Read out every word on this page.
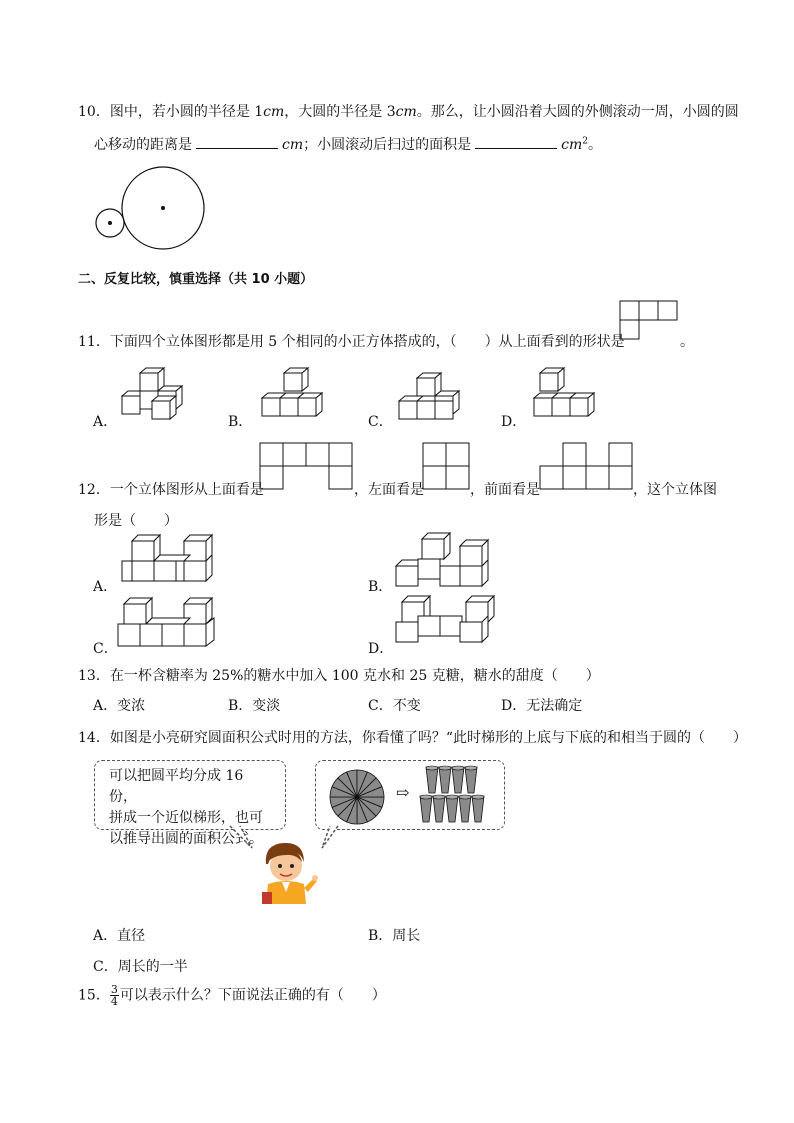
10．图中，若小圆的半径是 1cm，大圆的半径是 3cm。那么，让小圆沿着大圆的外侧滚动一周，小圆的圆
心移动的距离是	cm；小圆滚动后扫过的面积是	$cm^2$。
二、反复比较，慎重选择（共 10 小题）
11．下面四个立体图形都是用 5 个相同的小正方体搭成的，（　　）从上面看到的形状是	。
A．	B．	C．	D．
12．一个立体图形从上面看是	，左面看是	，前面看是	，这个立体图
形是（　　）
A．	B．
C．	D．
13．在一杯含糖率为 25%的糖水中加入 100 克水和 25 克糖，糖水的甜度（　　）
A．变浓	B．变淡	C．不变	D．无法确定
14．如图是小亮研究圆面积公式时用的方法，你看懂了吗？“此时梯形的上底与下底的和相当于圆的（　　）
可以把圆平均分成 16 份，
拼成一个近似梯形，也可
以推导出圆的面积公式。
⇨
A．直径	B．周长
C．周长的一半
15． $\frac{3}{4}$ 可以表示什么？下面说法正确的有（　　）
